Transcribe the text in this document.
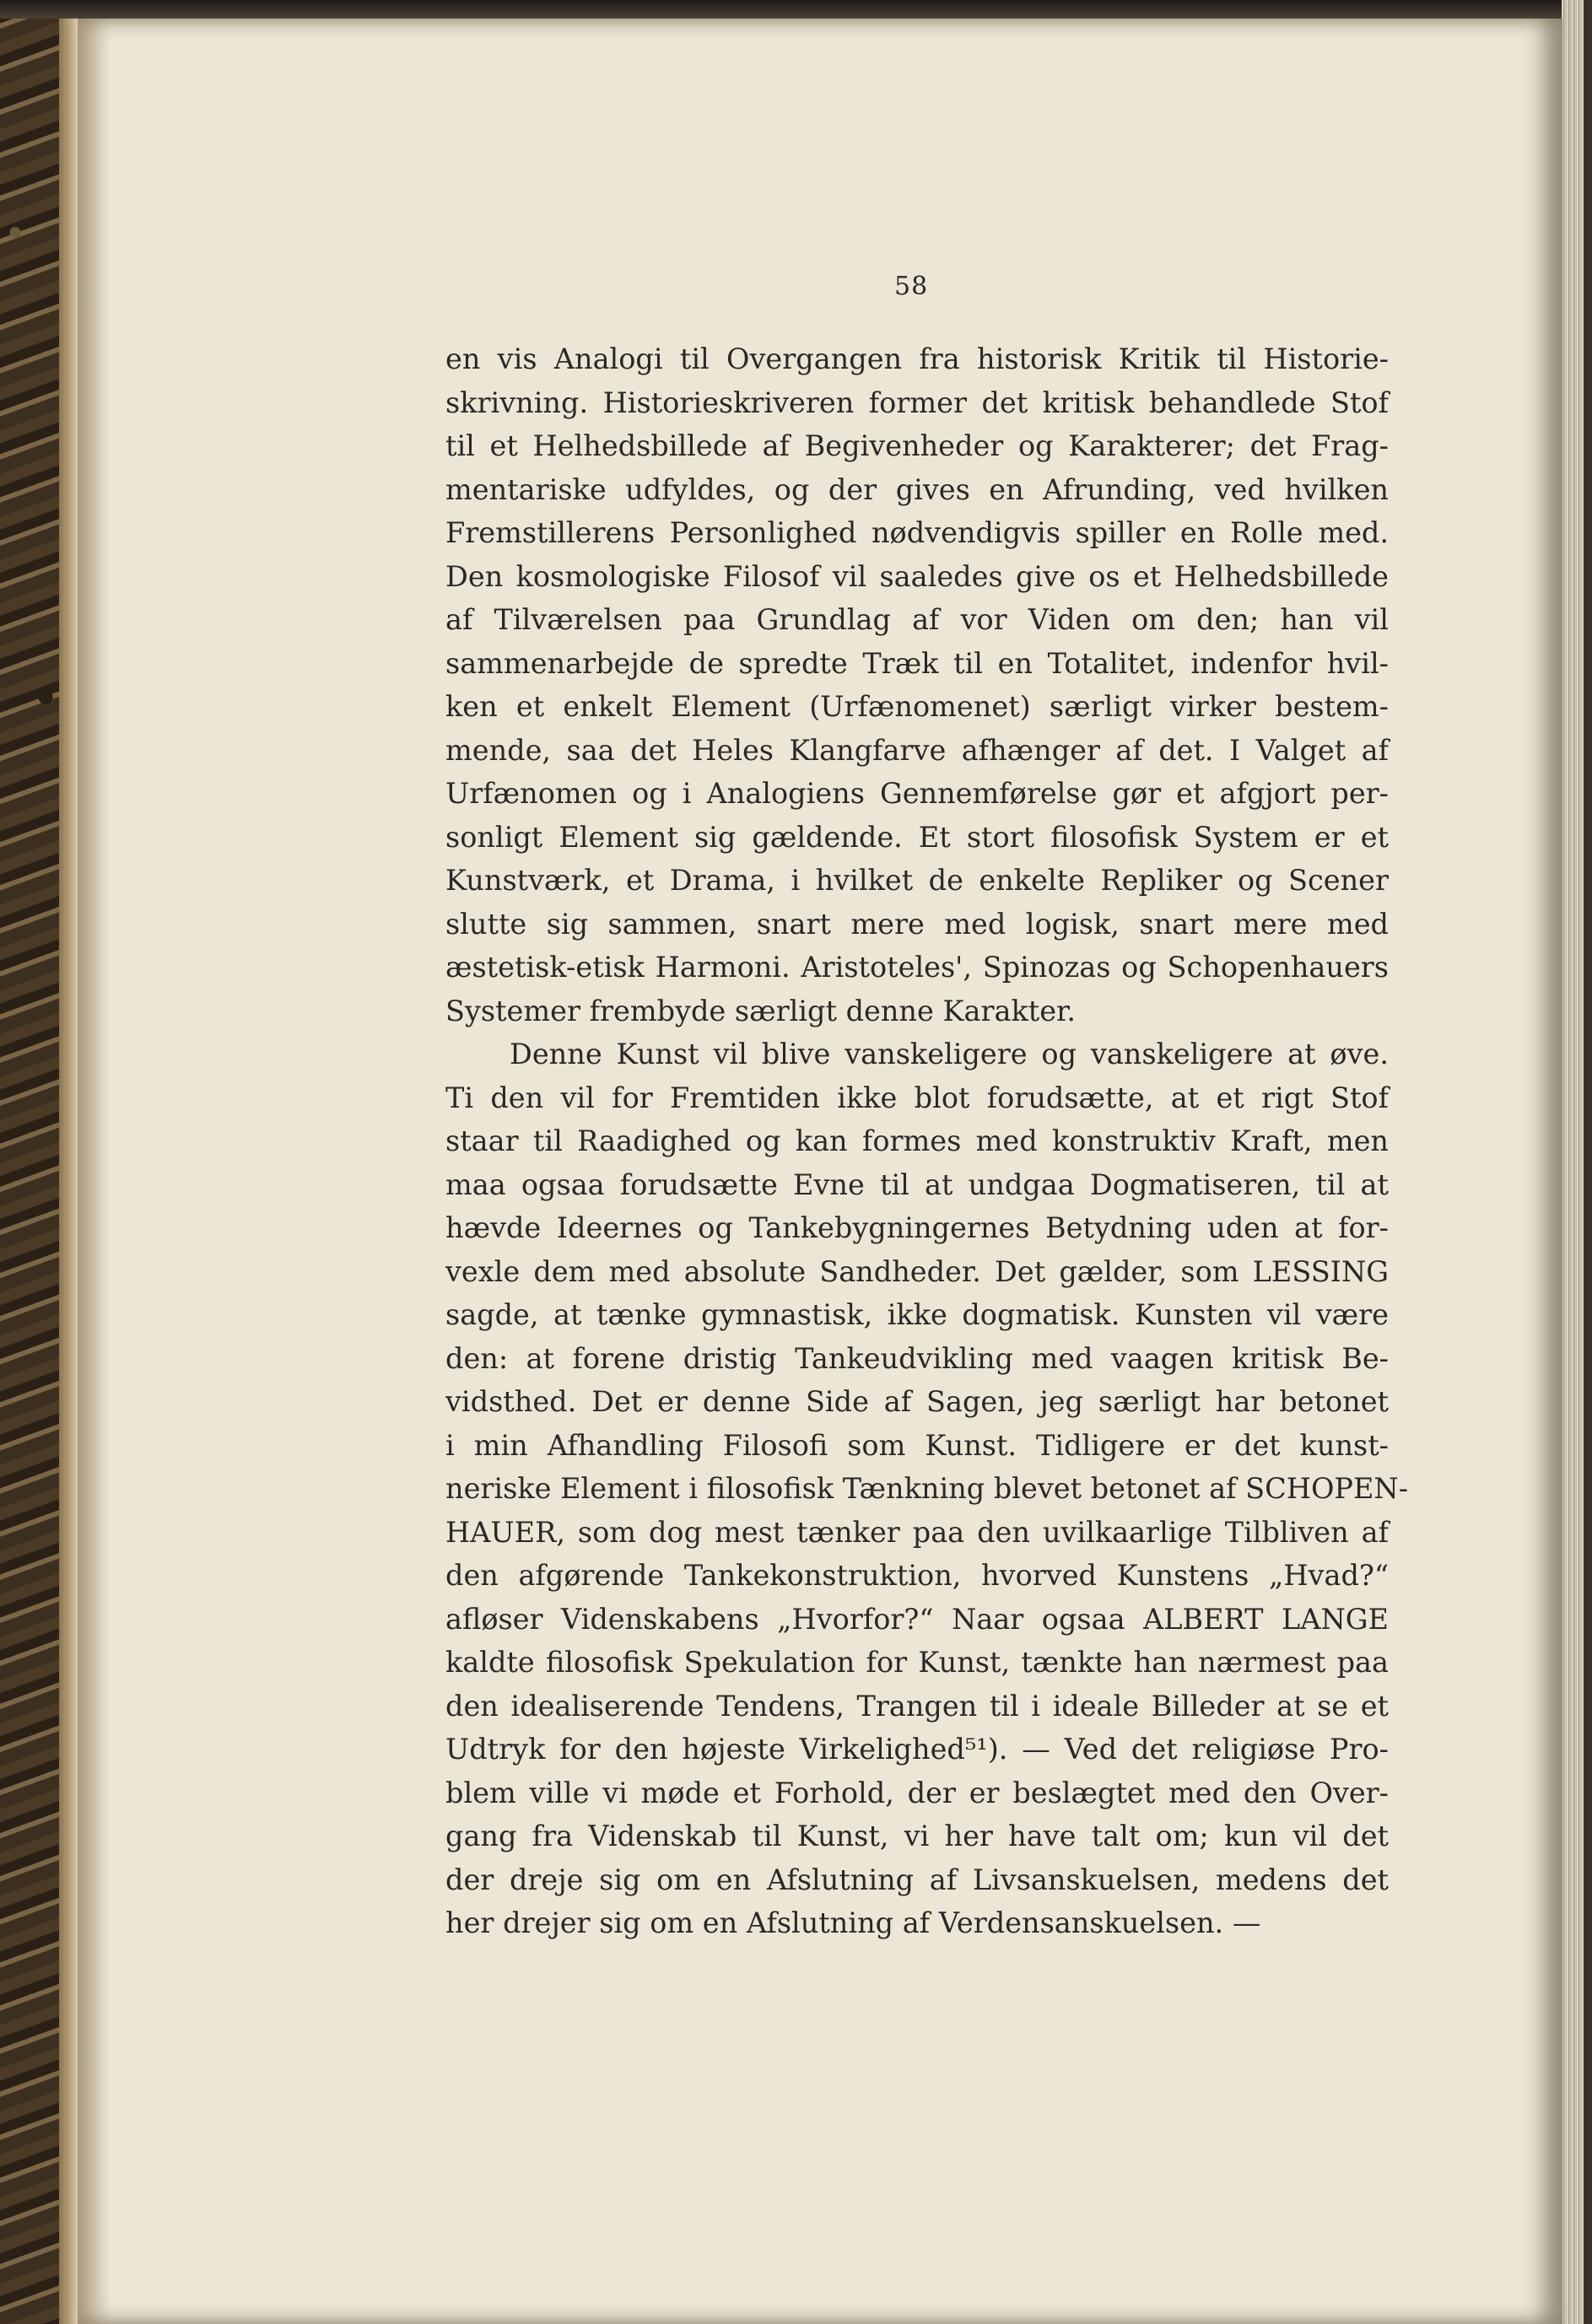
58
en vis Analogi til Overgangen fra historisk Kritik til Historie-
skrivning. Historieskriveren former det kritisk behandlede Stof
til et Helhedsbillede af Begivenheder og Karakterer; det Frag-
mentariske udfyldes, og der gives en Afrunding, ved hvilken
Fremstillerens Personlighed nødvendigvis spiller en Rolle med.
Den kosmologiske Filosof vil saaledes give os et Helhedsbillede
af Tilværelsen paa Grundlag af vor Viden om den; han vil
sammenarbejde de spredte Træk til en Totalitet, indenfor hvil-
ken et enkelt Element (Urfænomenet) særligt virker bestem-
mende, saa det Heles Klangfarve afhænger af det. I Valget af
Urfænomen og i Analogiens Gennemførelse gør et afgjort per-
sonligt Element sig gældende. Et stort filosofisk System er et
Kunstværk, et Drama, i hvilket de enkelte Repliker og Scener
slutte sig sammen, snart mere med logisk, snart mere med
æstetisk-etisk Harmoni. Aristoteles', Spinozas og Schopenhauers
Systemer frembyde særligt denne Karakter.
Denne Kunst vil blive vanskeligere og vanskeligere at øve.
Ti den vil for Fremtiden ikke blot forudsætte, at et rigt Stof
staar til Raadighed og kan formes med konstruktiv Kraft, men
maa ogsaa forudsætte Evne til at undgaa Dogmatiseren, til at
hævde Ideernes og Tankebygningernes Betydning uden at for-
vexle dem med absolute Sandheder. Det gælder, som LESSING
sagde, at tænke gymnastisk, ikke dogmatisk. Kunsten vil være
den: at forene dristig Tankeudvikling med vaagen kritisk Be-
vidsthed. Det er denne Side af Sagen, jeg særligt har betonet
i min Afhandling Filosofi som Kunst. Tidligere er det kunst-
neriske Element i filosofisk Tænkning blevet betonet af SCHOPEN-
HAUER, som dog mest tænker paa den uvilkaarlige Tilbliven af
den afgørende Tankekonstruktion, hvorved Kunstens „Hvad?“
afløser Videnskabens „Hvorfor?“ Naar ogsaa ALBERT LANGE
kaldte filosofisk Spekulation for Kunst, tænkte han nærmest paa
den idealiserende Tendens, Trangen til i ideale Billeder at se et
Udtryk for den højeste Virkelighed⁵¹). — Ved det religiøse Pro-
blem ville vi møde et Forhold, der er beslægtet med den Over-
gang fra Videnskab til Kunst, vi her have talt om; kun vil det
der dreje sig om en Afslutning af Livsanskuelsen, medens det
her drejer sig om en Afslutning af Verdensanskuelsen. —
